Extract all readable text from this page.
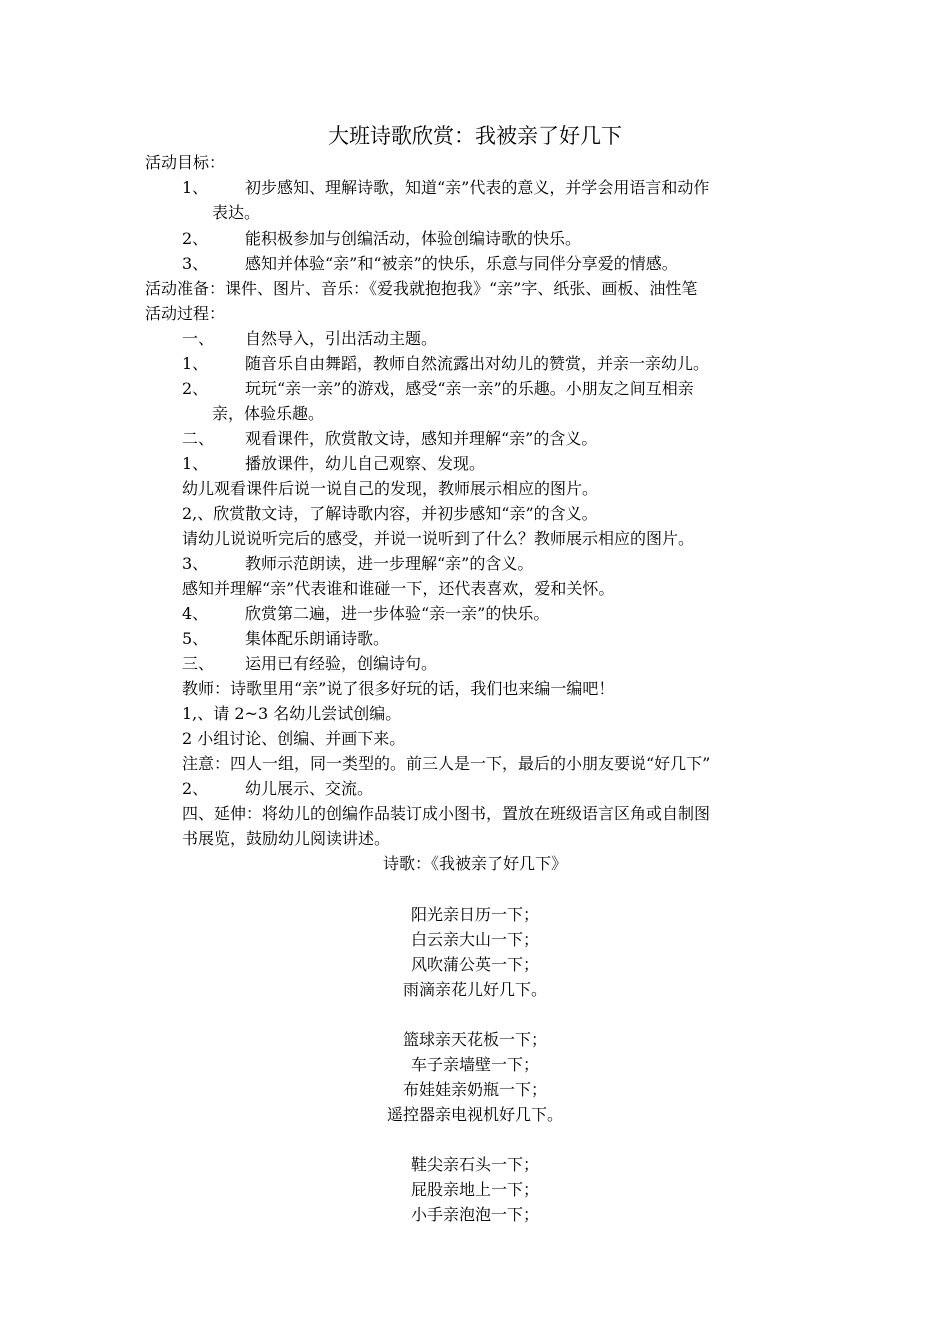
大班诗歌欣赏：我被亲了好几下
活动目标：
1、 初步感知、理解诗歌，知道“亲”代表的意义，并学会用语言和动作
表达。
2、 能积极参加与创编活动，体验创编诗歌的快乐。
3、 感知并体验“亲”和“被亲”的快乐，乐意与同伴分享爱的情感。
活动准备：课件、图片、音乐：《爱我就抱抱我》“亲”字、纸张、画板、油性笔
活动过程：
一、 自然导入，引出活动主题。
1、 随音乐自由舞蹈，教师自然流露出对幼儿的赞赏，并亲一亲幼儿。
2、 玩玩“亲一亲”的游戏，感受“亲一亲”的乐趣。小朋友之间互相亲
亲，体验乐趣。
二、 观看课件，欣赏散文诗，感知并理解“亲”的含义。
1、 播放课件，幼儿自己观察、发现。
幼儿观看课件后说一说自己的发现，教师展示相应的图片。
2,、欣赏散文诗，了解诗歌内容，并初步感知“亲”的含义。
请幼儿说说听完后的感受，并说一说听到了什么？教师展示相应的图片。
3、 教师示范朗读，进一步理解“亲”的含义。
感知并理解“亲”代表谁和谁碰一下，还代表喜欢，爱和关怀。
4、 欣赏第二遍，进一步体验“亲一亲”的快乐。
5、 集体配乐朗诵诗歌。
三、 运用已有经验，创编诗句。
教师：诗歌里用“亲”说了很多好玩的话，我们也来编一编吧！
1,、请 2~3 名幼儿尝试创编。
2 小组讨论、创编、并画下来。
注意：四人一组，同一类型的。前三人是一下，最后的小朋友要说“好几下”
2、 幼儿展示、交流。
四、延伸：将幼儿的创编作品装订成小图书，置放在班级语言区角或自制图
书展览，鼓励幼儿阅读讲述。
诗歌：《我被亲了好几下》
阳光亲日历一下；
白云亲大山一下；
风吹蒲公英一下；
雨滴亲花儿好几下。
篮球亲天花板一下；
车子亲墙壁一下；
布娃娃亲奶瓶一下；
遥控器亲电视机好几下。
鞋尖亲石头一下；
屁股亲地上一下；
小手亲泡泡一下；
